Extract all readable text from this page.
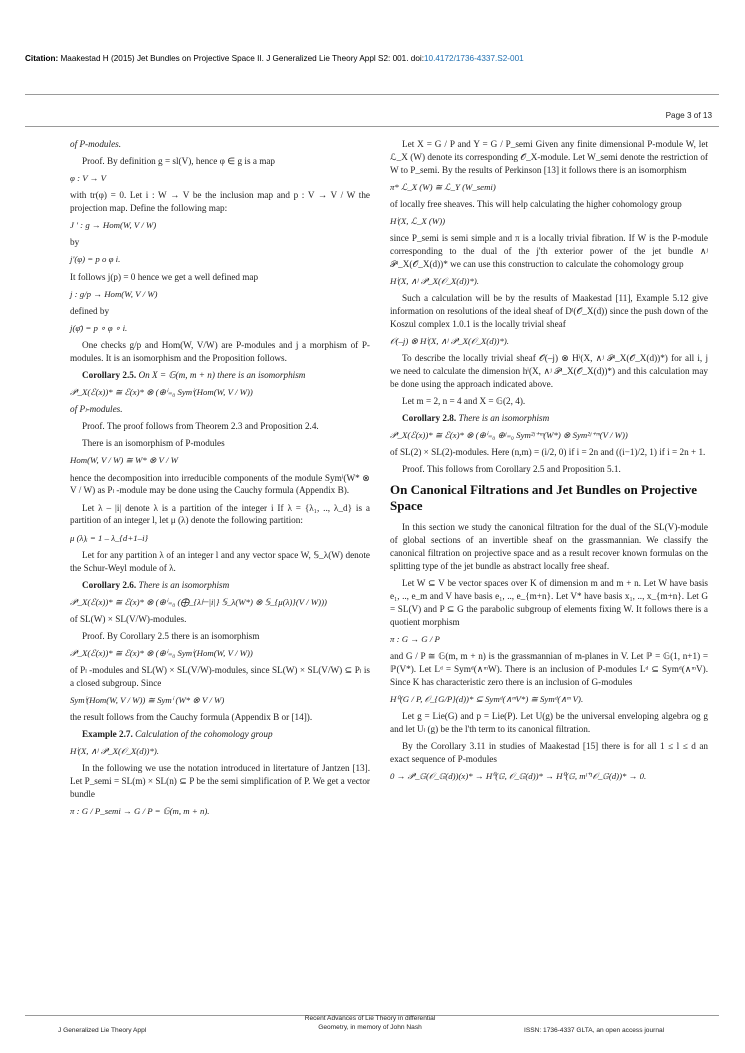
Citation: Maakestad H (2015) Jet Bundles on Projective Space II. J Generalized Lie Theory Appl S2: 001. doi:10.4172/1736-4337.S2-001
Page 3 of 13

of P-modules.

Proof. By definition g = sl(V), hence φ ∈ g is a map

φ : V → V

with tr(φ) = 0. Let i : W → V be the inclusion map and p : V → V / W the projection map. Define the following map:

J ' : g → Hom(W, V / W)

by

j'(φ) = p o φ i.

It follows j(p) = 0 hence we get a well defined map

j : g/p → Hom(W, V / W)

defined by

j(φ̄) = p ∘ φ ∘ i.

One checks g/p and Hom(W, V/W) are P-modules and j a morphism of P-modules. It is an isomorphism and the Proposition follows.

Corollary 2.5. On X = 𝔾(m, m + n) there is an isomorphism

𝒫ˡ_X(ℰ(x))* ≅ ℰ(x)* ⊗ (⊕ⁱ₌₀ Symⁱ(Hom(W, V / W))

of Pₗ-modules.

Proof. The proof follows from Theorem 2.3 and Proposition 2.4.

There is an isomorphism of P-modules

Hom(W, V / W) ≅ W* ⊗ V / W

hence the decomposition into irreducible components of the module Symⁱ(W* ⊗ V / W) as Pₗ -module may be done using the Cauchy formula (Appendix B).

Let λ – |i| denote λ is a partition of the integer i If λ = {λ₁, .., λ_d} is a partition of an integer l, let μ (λ) denote the following partition:

μ (λ)ᵢ = 1 – λ_{d+1–i}

Let for any partition λ of an integer l and any vector space W, 𝕊_λ(W) denote the Schur-Weyl module of λ.

Corollary 2.6. There is an isomorphism

𝒫ˡ_X(ℰ(x))* ≅ ℰ(x)* ⊗ (⊕ⁱ₌₀ (⨁_{λ⊢|i|} 𝕊_λ(W*) ⊗ 𝕊_{μ(λ)}(V / W)))

of SL(W) × SL(V/W)-modules.

Proof. By Corollary 2.5 there is an isomorphism

𝒫ˡ_X(ℰ(x))* ≅ ℰ(x)* ⊗ (⊕ⁱ₌₀ Symⁱ(Hom(W, V / W))

of Pₗ -modules and SL(W) × SL(V/W)-modules, since SL(W) × SL(V/W) ⊆ Pₗ is a closed subgroup. Since

Symⁱ(Hom(W, V / W)) ≅ Symⁱ (W* ⊗ V / W)

the result follows from the Cauchy formula (Appendix B or [14]).

Example 2.7. Calculation of the cohomology group

Hⁱ(X, ∧ʲ 𝒫ˡ_X(𝒪_X(d))*).

In the following we use the notation introduced in litertature of Jantzen [13]. Let P_semi = SL(m) × SL(n) ⊆ P be the semi simplification of P. We get a vector bundle

π : G / P_semi → G / P = 𝔾(m, m + n).

Let X = G / P and Y = G / P_semi Given any finite dimensional P-module W, let ℒ_X (W) denote its corresponding 𝒪_X-module. Let W_semi denote the restriction of W to P_semi. By the results of Perkinson [13] it follows there is an isomorphism

π* ℒ_X (W) ≅ ℒ_Y (W_semi)

of locally free sheaves. This will help calculating the higher cohomology group

Hⁱ(X, ℒ_X (W))

since P_semi is semi simple and π is a locally trivial fibration. If W is the P-module corresponding to the dual of the j'th exterior power of the jet bundle ∧ʲ 𝒫ˡ_X(𝒪_X(d))* we can use this construction to calculate the cohomology group

Hⁱ(X, ∧ʲ 𝒫ˡ_X(𝒪_X(d))*).

Such a calculation will be by the results of Maakestad [11], Example 5.12 give information on resolutions of the ideal sheaf of Dˡ(𝒪_X(d)) since the push down of the Koszul complex 1.0.1 is the locally trivial sheaf

𝒪(–j) ⊗ Hⁱ(X, ∧ʲ 𝒫ˡ_X(𝒪_X(d))*).

To describe the locally trivial sheaf 𝒪(–j) ⊗ Hⁱ(X, ∧ʲ 𝒫ˡ_X(𝒪_X(d))*) for all i, j we need to calculate the dimension hⁱ(X, ∧ʲ 𝒫ˡ_X(𝒪_X(d))*) and this calculation may be done using the approach indicated above.

Let m = 2, n = 4 and X = 𝔾(2, 4).

Corollary 2.8. There is an isomorphism

𝒫ˡ_X(ℰ(x))* ≅ ℰ(x)* ⊗ (⊕ⁱ₌₀ ⊕ʲ₌₀ Sym²ʲ⁺ᵐ(W*) ⊗ Sym²ʲ⁺ᵐ(V / W))

of SL(2) × SL(2)-modules. Here (n,m) = (i/2, 0) if i = 2n and ((i−1)/2, 1) if i = 2n + 1.

Proof. This follows from Corollary 2.5 and Proposition 5.1.

On Canonical Filtrations and Jet Bundles on Projective Space

In this section we study the canonical filtration for the dual of the SL(V)-module of global sections of an invertible sheaf on the grassmannian. We classify the canonical filtration on projective space and as a result recover known formulas on the splitting type of the jet bundle as abstract locally free sheaf.

Let W ⊆ V be vector spaces over K of dimension m and m + n. Let W have basis e₁, .., e_m and V have basis e₁, .., e_{m+n}. Let V* have basis x₁, .., x_{m+n}. Let G = SL(V) and P ⊆ G the parabolic subgroup of elements fixing W. It follows there is a quotient morphism

π : G → G / P

and G / P ≅ 𝔾(m, m + n) is the grassmannian of m-planes in V. Let ℙ = 𝔾(1, n+1) = ℙ(V*). Let Lᵈ = Symᵈ(∧ᵐW). There is an inclusion of P-modules Lᵈ ⊆ Symᵈ(∧ᵐV). Since K has characteristic zero there is an inclusion of G-modules

H⁰(G / P, 𝒪_{G/P}(d))* ⊆ Symᵈ(∧ᵐV*) ≅ Symᵈ(∧ᵐ V).

Let g = Lie(G) and p = Lie(P). Let U(g) be the universal enveloping algebra og g and let Uₗ (g) be the l'th term to its canonical filtration.

By the Corollary 3.11 in studies of Maakestad [15] there is for all 1 ≤ l ≤ d an exact sequence of P-modules

0 → 𝒫ˡ_𝔾(𝒪_𝔾(d))(x)* → H⁰(𝔾, 𝒪_𝔾(d))* → H⁰(𝔾, mˡ⁺¹𝒪_𝔾(d))* → 0.

J Generalized Lie Theory Appl
Recent Advances of Lie Theory in differential Geometry, in memory of John Nash	ISSN: 1736-4337 GLTA, an open access journal
